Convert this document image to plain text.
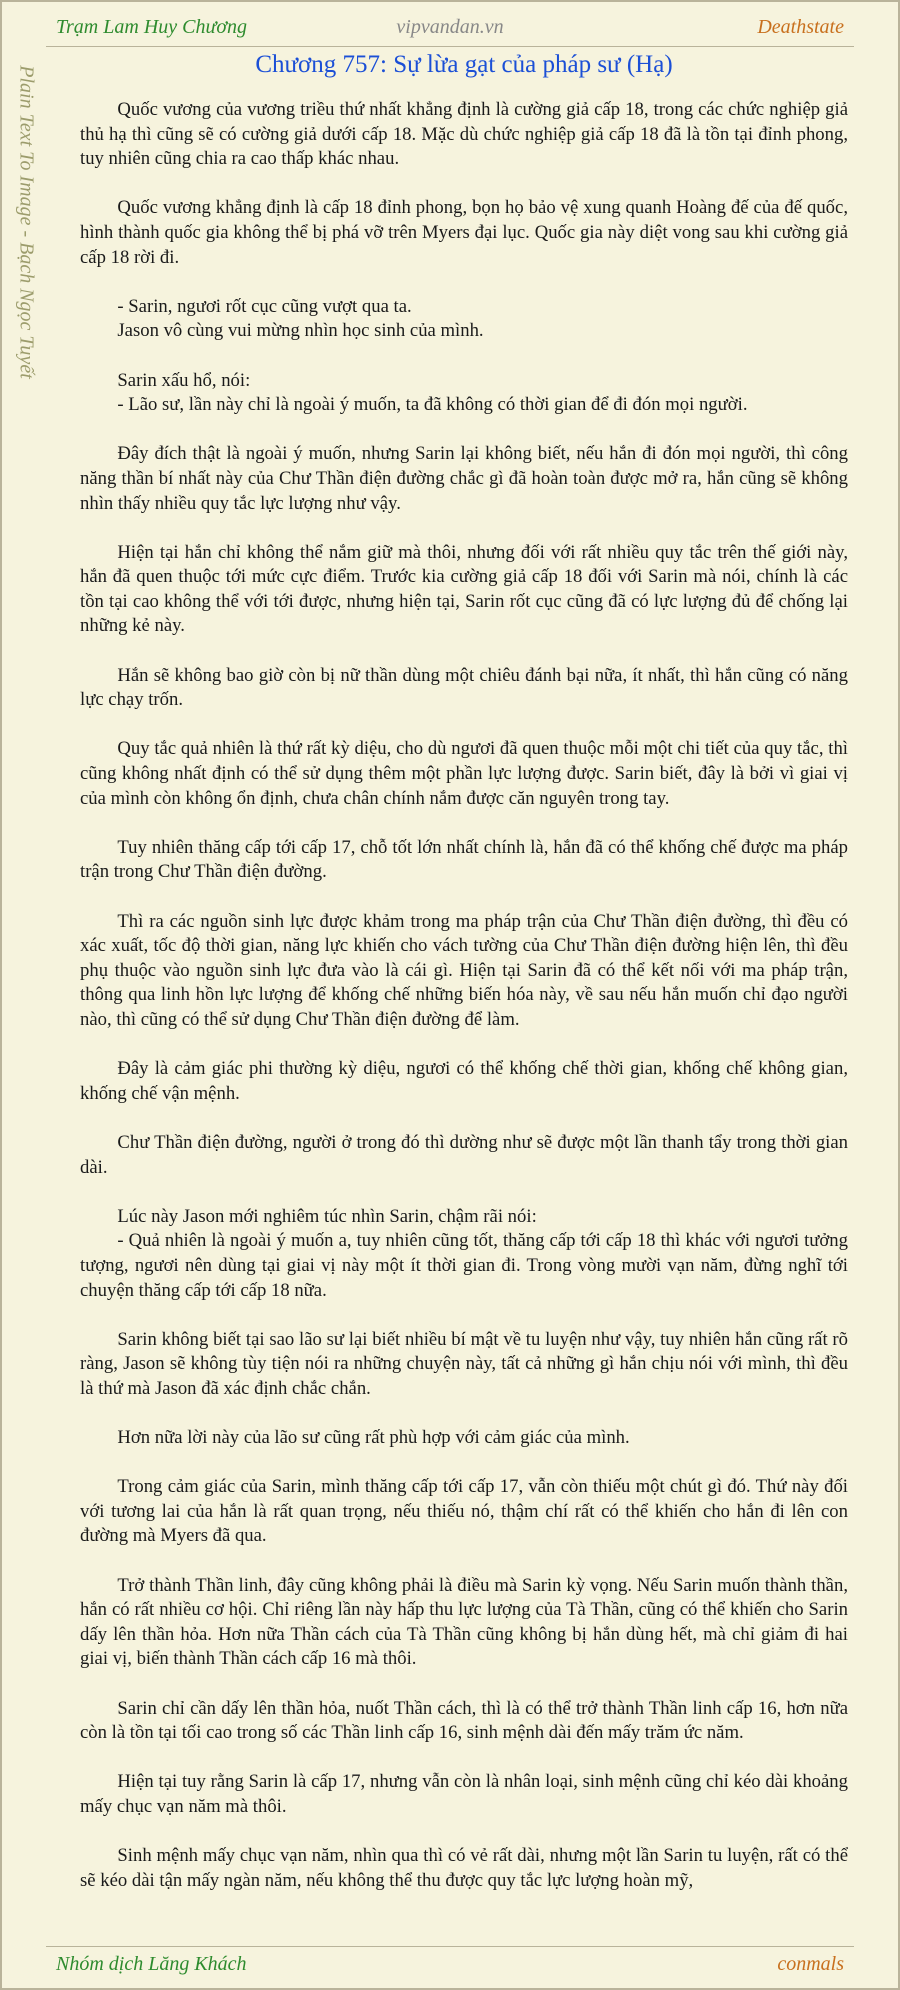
Trạm Lam Huy Chương	vipvandan.vn	Deathstate
Plain Text To Image - Bạch Ngọc Tuyết
Chương 757: Sự lừa gạt của pháp sư (Hạ)
Quốc vương của vương triều thứ nhất khẳng định là cường giả cấp 18, trong các chức nghiệp giả thủ hạ thì cũng sẽ có cường giả dưới cấp 18. Mặc dù chức nghiệp giả cấp 18 đã là tồn tại đỉnh phong, tuy nhiên cũng chia ra cao thấp khác nhau.
Quốc vương khẳng định là cấp 18 đỉnh phong, bọn họ bảo vệ xung quanh Hoàng đế của đế quốc, hình thành quốc gia không thể bị phá vỡ trên Myers đại lục. Quốc gia này diệt vong sau khi cường giả cấp 18 rời đi.
- Sarin, ngươi rốt cục cũng vượt qua ta.
Jason vô cùng vui mừng nhìn học sinh của mình.
Sarin xấu hổ, nói:
- Lão sư, lần này chỉ là ngoài ý muốn, ta đã không có thời gian để đi đón mọi người.
Đây đích thật là ngoài ý muốn, nhưng Sarin lại không biết, nếu hắn đi đón mọi người, thì công năng thần bí nhất này của Chư Thần điện đường chắc gì đã hoàn toàn được mở ra, hắn cũng sẽ không nhìn thấy nhiều quy tắc lực lượng như vậy.
Hiện tại hắn chỉ không thể nắm giữ mà thôi, nhưng đối với rất nhiều quy tắc trên thế giới này, hắn đã quen thuộc tới mức cực điểm. Trước kia cường giả cấp 18 đối với Sarin mà nói, chính là các tồn tại cao không thể với tới được, nhưng hiện tại, Sarin rốt cục cũng đã có lực lượng đủ để chống lại những kẻ này.
Hắn sẽ không bao giờ còn bị nữ thần dùng một chiêu đánh bại nữa, ít nhất, thì hắn cũng có năng lực chạy trốn.
Quy tắc quả nhiên là thứ rất kỳ diệu, cho dù ngươi đã quen thuộc mỗi một chi tiết của quy tắc, thì cũng không nhất định có thể sử dụng thêm một phần lực lượng được. Sarin biết, đây là bởi vì giai vị của mình còn không ổn định, chưa chân chính nắm được căn nguyên trong tay.
Tuy nhiên thăng cấp tới cấp 17, chỗ tốt lớn nhất chính là, hắn đã có thể khống chế được ma pháp trận trong Chư Thần điện đường.
Thì ra các nguồn sinh lực được khảm trong ma pháp trận của Chư Thần điện đường, thì đều có xác xuất, tốc độ thời gian, năng lực khiến cho vách tường của Chư Thần điện đường hiện lên, thì đều phụ thuộc vào nguồn sinh lực đưa vào là cái gì. Hiện tại Sarin đã có thể kết nối với ma pháp trận, thông qua linh hồn lực lượng để khống chế những biến hóa này, về sau nếu hắn muốn chỉ đạo người nào, thì cũng có thể sử dụng Chư Thần điện đường để làm.
Đây là cảm giác phi thường kỳ diệu, ngươi có thể khống chế thời gian, khống chế không gian, khống chế vận mệnh.
Chư Thần điện đường, người ở trong đó thì dường như sẽ được một lần thanh tẩy trong thời gian dài.
Lúc này Jason mới nghiêm túc nhìn Sarin, chậm rãi nói:
- Quả nhiên là ngoài ý muốn a, tuy nhiên cũng tốt, thăng cấp tới cấp 18 thì khác với ngươi tưởng tượng, ngươi nên dùng tại giai vị này một ít thời gian đi. Trong vòng mười vạn năm, đừng nghĩ tới chuyện thăng cấp tới cấp 18 nữa.
Sarin không biết tại sao lão sư lại biết nhiều bí mật về tu luyện như vậy, tuy nhiên hắn cũng rất rõ ràng, Jason sẽ không tùy tiện nói ra những chuyện này, tất cả những gì hắn chịu nói với mình, thì đều là thứ mà Jason đã xác định chắc chắn.
Hơn nữa lời này của lão sư cũng rất phù hợp với cảm giác của mình.
Trong cảm giác của Sarin, mình thăng cấp tới cấp 17, vẫn còn thiếu một chút gì đó. Thứ này đối với tương lai của hắn là rất quan trọng, nếu thiếu nó, thậm chí rất có thể khiến cho hắn đi lên con đường mà Myers đã qua.
Trở thành Thần linh, đây cũng không phải là điều mà Sarin kỳ vọng. Nếu Sarin muốn thành thần, hắn có rất nhiều cơ hội. Chỉ riêng lần này hấp thu lực lượng của Tà Thần, cũng có thể khiến cho Sarin dấy lên thần hỏa. Hơn nữa Thần cách của Tà Thần cũng không bị hắn dùng hết, mà chỉ giảm đi hai giai vị, biến thành Thần cách cấp 16 mà thôi.
Sarin chỉ cần dấy lên thần hỏa, nuốt Thần cách, thì là có thể trở thành Thần linh cấp 16, hơn nữa còn là tồn tại tối cao trong số các Thần linh cấp 16, sinh mệnh dài đến mấy trăm ức năm.
Hiện tại tuy rằng Sarin là cấp 17, nhưng vẫn còn là nhân loại, sinh mệnh cũng chỉ kéo dài khoảng mấy chục vạn năm mà thôi.
Sinh mệnh mấy chục vạn năm, nhìn qua thì có vẻ rất dài, nhưng một lần Sarin tu luyện, rất có thể sẽ kéo dài tận mấy ngàn năm, nếu không thể thu được quy tắc lực lượng hoàn mỹ,
Nhóm dịch Lăng Khách	conmals
